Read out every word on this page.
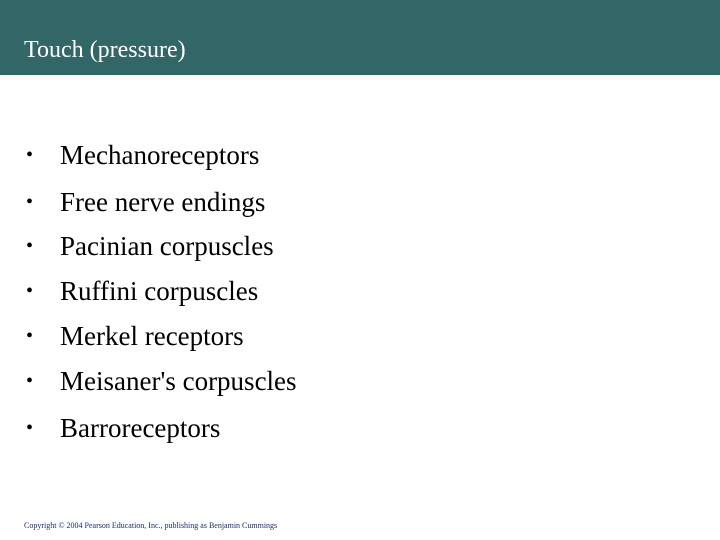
Touch (pressure)
• Mechanoreceptors
• Free nerve endings
• Pacinian corpuscles
• Ruffini corpuscles
• Merkel receptors
• Meisaner's corpuscles
• Barroreceptors
Copyright © 2004 Pearson Education, Inc., publishing as Benjamin Cummings
